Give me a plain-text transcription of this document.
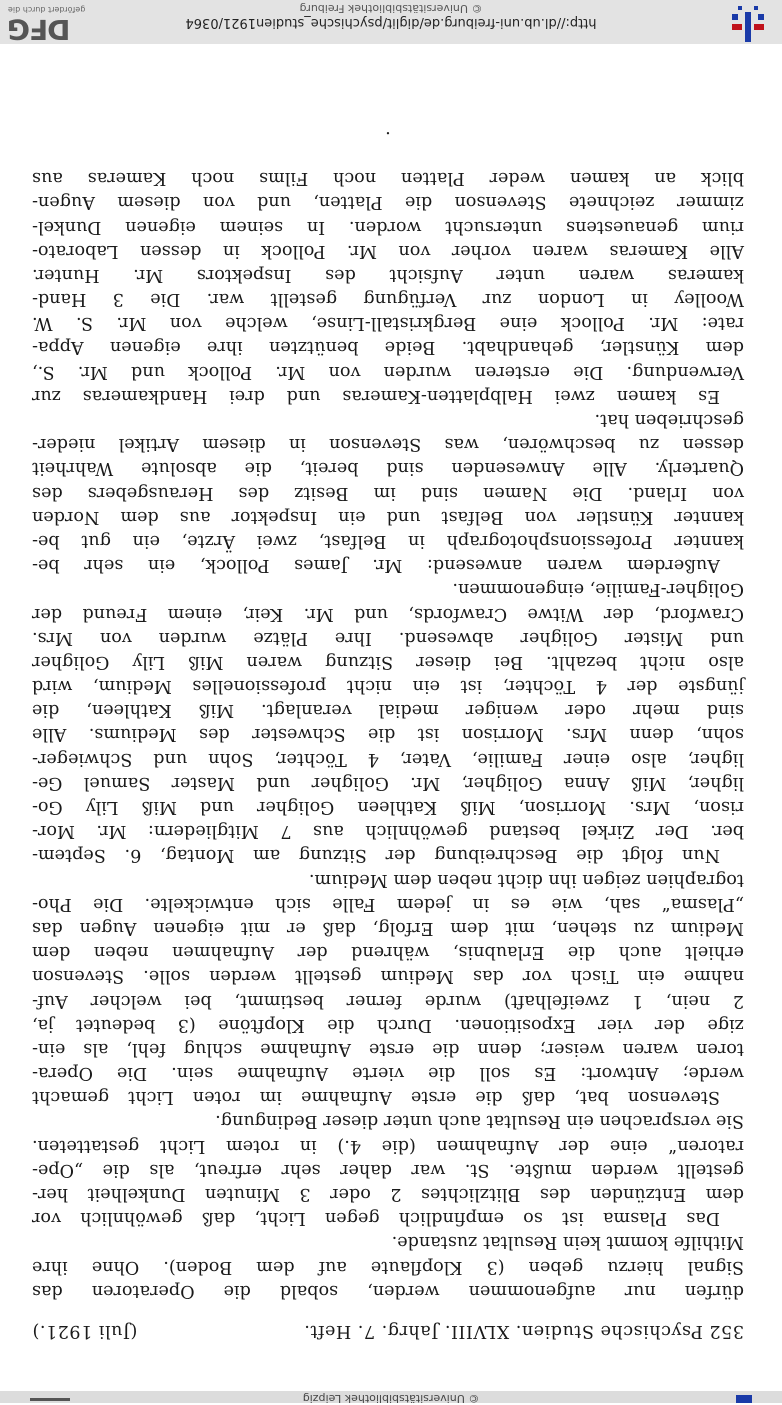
© Universitätsbibliothek Leipzig
352 Psychische Studien. XLVIII. Jahrg. 7. Heft.
(Juli 1921.)
dürfen nur aufgenommen werden, sobald die Operatoren das
Signal hierzu geben (3 Klopflaute auf dem Boden). Ohne ihre
Mithilfe kommt kein Resultat zustande.
Das Plasma ist so empfindlich gegen Licht, daß gewöhnlich vor
dem Entzünden des Blitzlichtes 2 oder 3 Minuten Dunkelheit her-
gestellt werden mußte. St. war daher sehr erfreut, als die „Ope-
ratoren“ eine der Aufnahmen (die 4.) in rotem Licht gestatteten.
Sie versprachen ein Resultat auch unter dieser Bedingung.
Stevenson bat, daß die erste Aufnahme im roten Licht gemacht
werde; Antwort: Es soll die vierte Aufnahme sein. Die Opera-
toren waren weiser; denn die erste Aufnahme schlug fehl, als ein-
zige der vier Expositionen. Durch die Klopftöne (3 bedeutet ja,
2 nein, 1 zweifelhaft) wurde ferner bestimmt, bei welcher Auf-
nahme ein Tisch vor das Medium gestellt werden solle. Stevenson
erhielt auch die Erlaubnis, während der Aufnahmen neben dem
Medium zu stehen, mit dem Erfolg, daß er mit eigenen Augen das
„Plasma“ sah, wie es in jedem Falle sich entwickelte. Die Pho-
tographien zeigen ihn dicht neben dem Medium.
Nun folgt die Beschreibung der Sitzung am Montag, 6. Septem-
ber. Der Zirkel bestand gewöhnlich aus 7 Mitgliedern: Mr. Mor-
rison, Mrs. Morrison, Miß Kathleen Goligher und Miß Lily Go-
ligher, Miß Anna Goligher, Mr. Goligher und Master Samuel Ge-
ligher, also einer Familie, Vater, 4 Töchter, Sohn und Schwieger-
sohn, denn Mrs. Morrison ist die Schwester des Mediums. Alle
sind mehr oder weniger medial veranlagt. Miß Kathleen, die
jüngste der 4 Töchter, ist ein nicht professionelles Medium, wird
also nicht bezahlt. Bei dieser Sitzung waren Miß Lily Goligher
und Mister Goligher abwesend. Ihre Plätze wurden von Mrs.
Crawford, der Witwe Crawfords, und Mr. Keir, einem Freund der
Goligher-Familie, eingenommen.
Außerdem waren anwesend: Mr. James Pollock, ein sehr be-
kannter Professionsphotograph in Belfast, zwei Ärzte, ein gut be-
kannter Künstler von Belfast und ein Inspektor aus dem Norden
von Irland. Die Namen sind im Besitz des Herausgebers des
Quarterly. Alle Anwesenden sind bereit, die absolute Wahrheit
dessen zu beschwören, was Stevenson in diesem Artikel nieder-
geschrieben hat.
Es kamen zwei Halbplatten-Kameras und drei Handkameras zur
Verwendung. Die ersteren wurden von Mr. Pollock und Mr. S.,
dem Künstler, gehandhabt. Beide benützten ihre eigenen Appa-
rate: Mr. Pollock eine Bergkristall-Linse, welche von Mr. S. W.
Woolley in London zur Verfügung gestellt war. Die 3 Hand-
kameras waren unter Aufsicht des Inspektors Mr. Hunter.
Alle Kameras waren vorher von Mr. Pollock in dessen Laborato-
rium genauestens untersucht worden. In seinem eigenen Dunkel-
zimmer zeichnete Stevenson die Platten, und von diesem Augen-
blick an kamen weder Platten noch Films noch Kameras aus
·
http://dl.ub.uni-freiburg.de/diglit/psychische_studien1921/0364
© Universitätsbibliothek Freiburg
DFG
gefördert durch die
